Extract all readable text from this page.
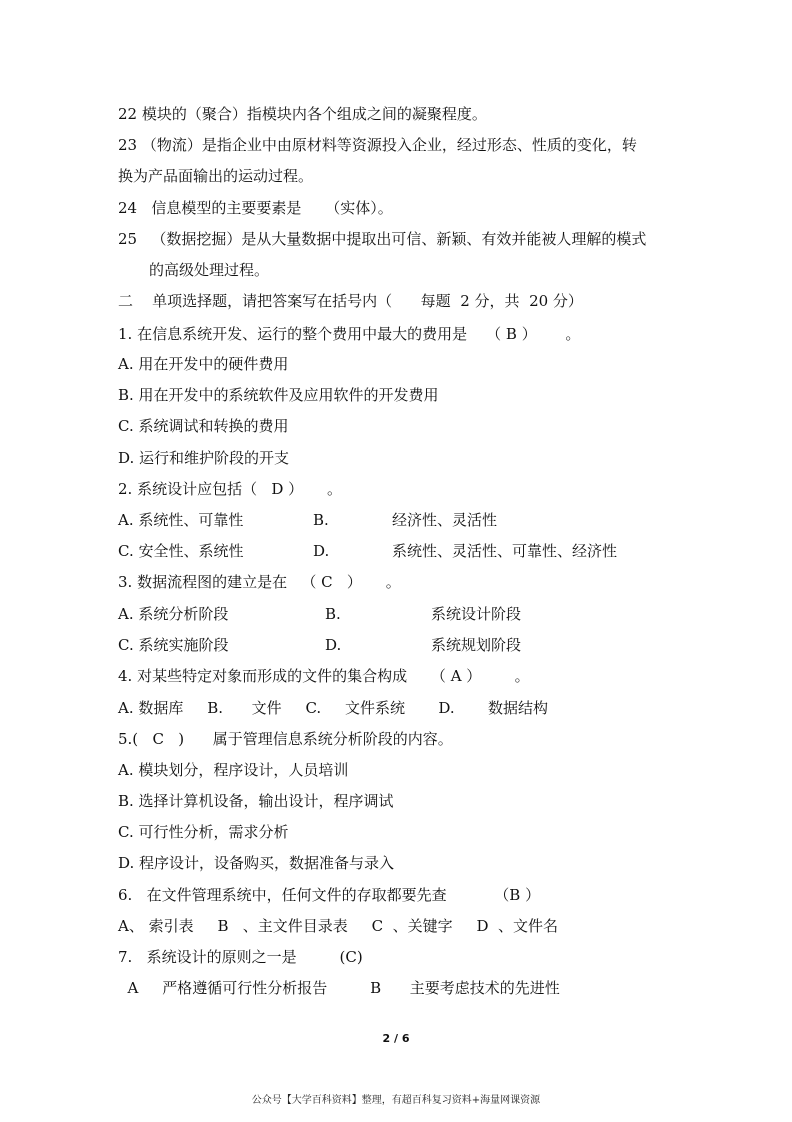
22 模块的（聚合）指模块内各个组成之间的凝聚程度。
23 （物流）是指企业中由原材料等资源投入企业，经过形态、性质的变化，转
换为产品面输出的运动过程。
24   信息模型的主要要素是     （实体）。
25   （数据挖掘）是从大量数据中提取出可信、新颖、有效并能被人理解的模式
的高级处理过程。
二    单项选择题，请把答案写在括号内（      每题  2 分，共  20 分）
1. 在信息系统开发、运行的整个费用中最大的费用是    （ B ）      。
A. 用在开发中的硬件费用
B. 用在开发中的系统软件及应用软件的开发费用
C. 系统调试和转换的费用
D. 运行和维护阶段的开支
2. 系统设计应包括（   D ）     。
A. 系统性、可靠性	B.	经济性、灵活性
C. 安全性、系统性	D.	系统性、灵活性、可靠性、经济性
3. 数据流程图的建立是在   （ C   ）     。
A. 系统分析阶段	B.	系统设计阶段
C. 系统实施阶段	D.	系统规划阶段
4. 对某些特定对象而形成的文件的集合构成     （ A ）       。
A. 数据库     B.      文件     C.     文件系统       D.       数据结构
5.(   C   )      属于管理信息系统分析阶段的内容。
A. 模块划分，程序设计，人员培训
B. 选择计算机设备，输出设计，程序调试
C. 可行性分析，需求分析
D. 程序设计，设备购买，数据准备与录入
6.   在文件管理系统中，任何文件的存取都要先查          （B ）
A、 索引表     B   、主文件目录表     C  、关键字     D  、文件名
7.   系统设计的原则之一是         (C)
A     严格遵循可行性分析报告         B      主要考虑技术的先进性
2 / 6
公众号【大学百科资料】整理，有超百科复习资料+海量网课资源
